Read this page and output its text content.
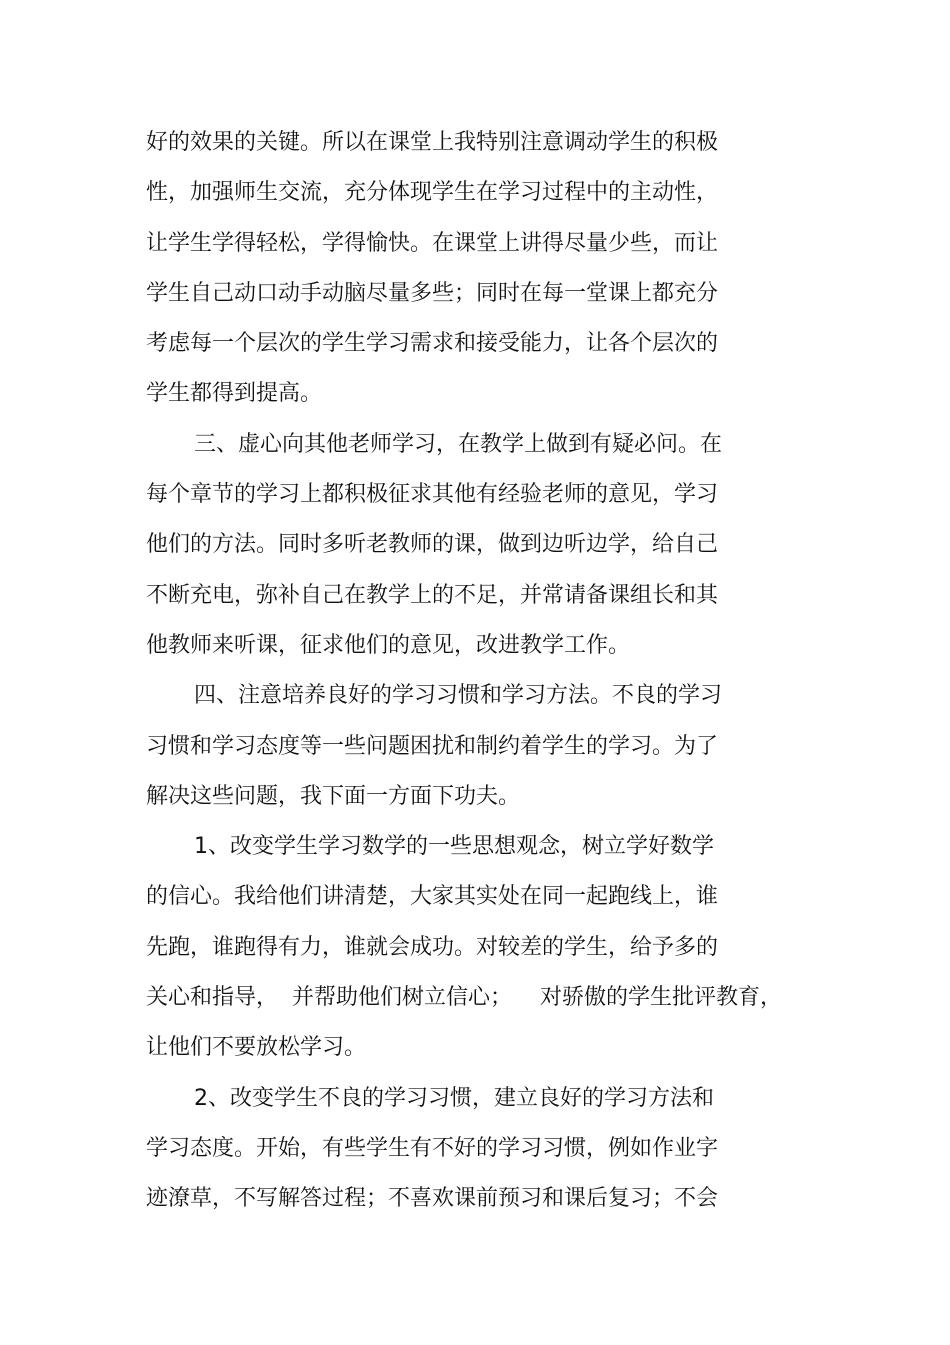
好的效果的关键。所以在课堂上我特别注意调动学生的积极

性，加强师生交流，充分体现学生在学习过程中的主动性，

让学生学得轻松，学得愉快。在课堂上讲得尽量少些，而让

学生自己动口动手动脑尽量多些；同时在每一堂课上都充分

考虑每一个层次的学生学习需求和接受能力，让各个层次的

学生都得到提高。

三、虚心向其他老师学习，在教学上做到有疑必问。在

每个章节的学习上都积极征求其他有经验老师的意见，学习

他们的方法。同时多听老教师的课，做到边听边学，给自己

不断充电，弥补自己在教学上的不足，并常请备课组长和其

他教师来听课，征求他们的意见，改进教学工作。

四、注意培养良好的学习习惯和学习方法。不良的学习

习惯和学习态度等一些问题困扰和制约着学生的学习。为了

解决这些问题，我下面一方面下功夫。

1、改变学生学习数学的一些思想观念，树立学好数学

的信心。我给他们讲清楚，大家其实处在同一起跑线上，谁

先跑，谁跑得有力，谁就会成功。对较差的学生，给予多的

关心和指导，  并帮助他们树立信心；    对骄傲的学生批评教育，

让他们不要放松学习。

2、改变学生不良的学习习惯，建立良好的学习方法和

学习态度。开始，有些学生有不好的学习习惯，例如作业字

迹潦草，不写解答过程；不喜欢课前预习和课后复习；不会
